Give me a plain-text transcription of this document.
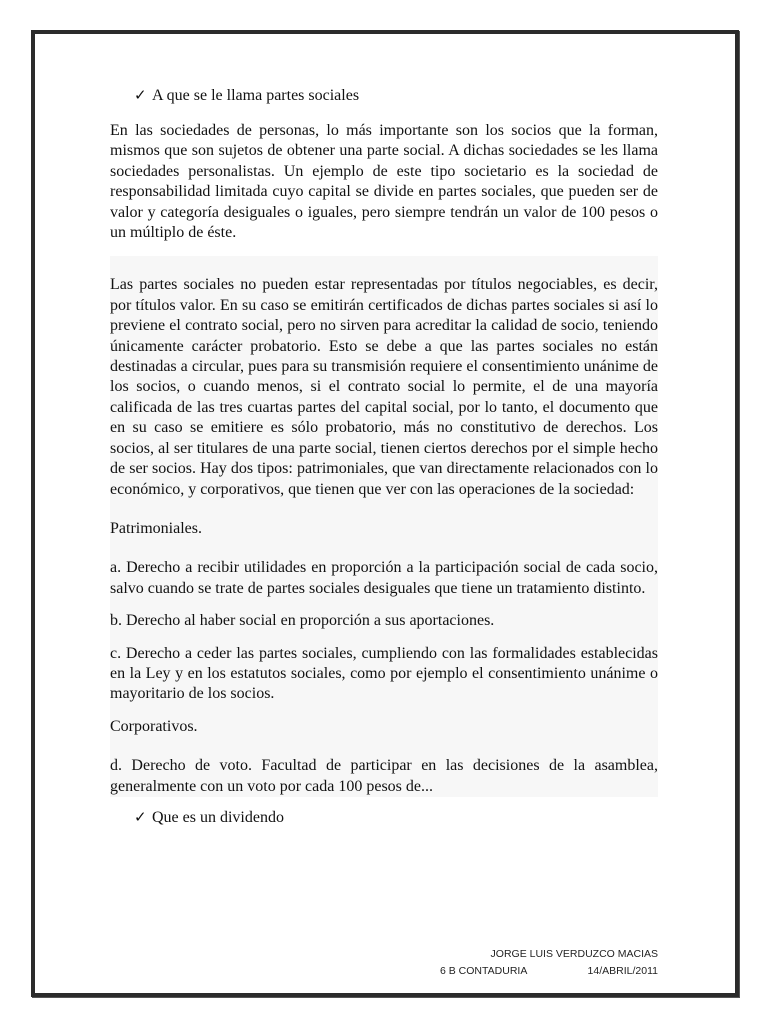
✓ A que se le llama partes sociales

En las sociedades de personas, lo más importante son los socios que la forman, mismos que son sujetos de obtener una parte social. A dichas sociedades se les llama sociedades personalistas. Un ejemplo de este tipo societario es la sociedad de responsabilidad limitada cuyo capital se divide en partes sociales, que pueden ser de valor y categoría desiguales o iguales, pero siempre tendrán un valor de 100 pesos o un múltiplo de éste.

Las partes sociales no pueden estar representadas por títulos negociables, es decir, por títulos valor. En su caso se emitirán certificados de dichas partes sociales si así lo previene el contrato social, pero no sirven para acreditar la calidad de socio, teniendo únicamente carácter probatorio. Esto se debe a que las partes sociales no están destinadas a circular, pues para su transmisión requiere el consentimiento unánime de los socios, o cuando menos, si el contrato social lo permite, el de una mayoría calificada de las tres cuartas partes del capital social, por lo tanto, el documento que en su caso se emitiere es sólo probatorio, más no constitutivo de derechos. Los socios, al ser titulares de una parte social, tienen ciertos derechos por el simple hecho de ser socios. Hay dos tipos: patrimoniales, que van directamente relacionados con lo económico, y corporativos, que tienen que ver con las operaciones de la sociedad:

Patrimoniales.

a. Derecho a recibir utilidades en proporción a la participación social de cada socio, salvo cuando se trate de partes sociales desiguales que tiene un tratamiento distinto.

b. Derecho al haber social en proporción a sus aportaciones.

c. Derecho a ceder las partes sociales, cumpliendo con las formalidades establecidas en la Ley y en los estatutos sociales, como por ejemplo el consentimiento unánime o mayoritario de los socios.

Corporativos.

d. Derecho de voto. Facultad de participar en las decisiones de la asamblea, generalmente con un voto por cada 100 pesos de...

✓ Que es un dividendo
JORGE LUIS VERDUZCO MACIAS
6 B CONTADURIA	14/ABRIL/2011
